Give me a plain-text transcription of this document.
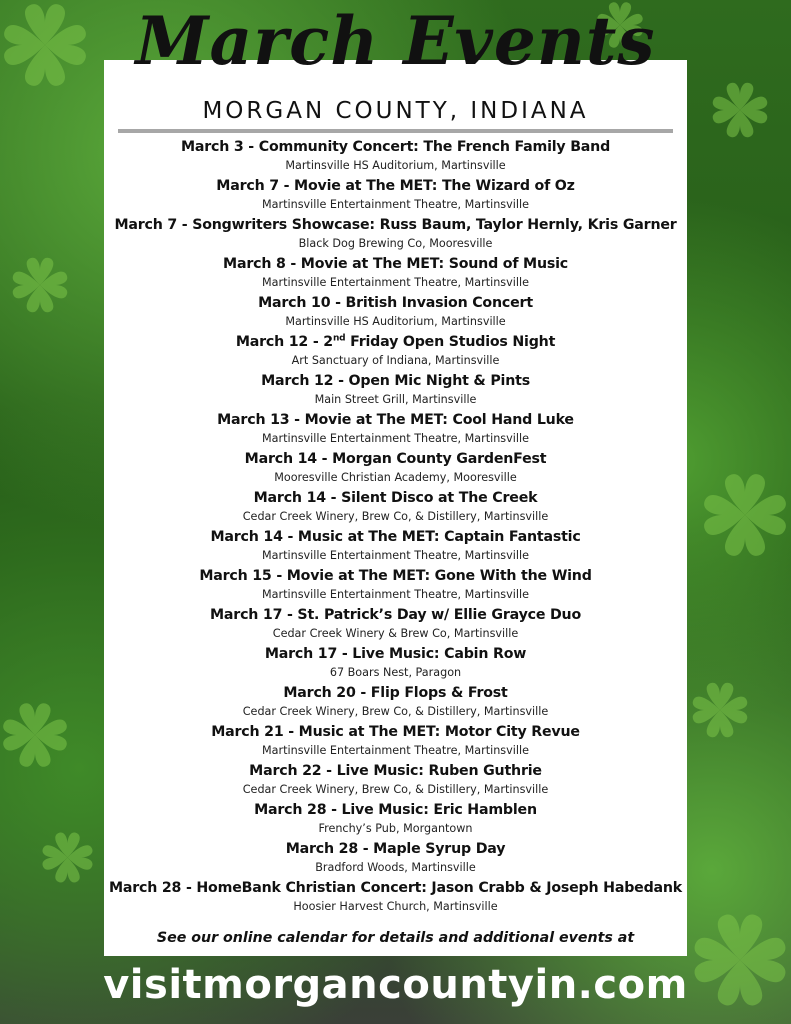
March Events
MORGAN COUNTY, INDIANA
March 3 - Community Concert: The French Family Band
Martinsville HS Auditorium, Martinsville
March 7 - Movie at The MET: The Wizard of Oz
Martinsville Entertainment Theatre, Martinsville
March 7 - Songwriters Showcase: Russ Baum, Taylor Hernly, Kris Garner
Black Dog Brewing Co, Mooresville
March 8 - Movie at The MET: Sound of Music
Martinsville Entertainment Theatre, Martinsville
March 10 - British Invasion Concert
Martinsville HS Auditorium, Martinsville
March 12 - 2nd Friday Open Studios Night
Art Sanctuary of Indiana, Martinsville
March 12 - Open Mic Night & Pints
Main Street Grill, Martinsville
March 13 - Movie at The MET: Cool Hand Luke
Martinsville Entertainment Theatre, Martinsville
March 14 - Morgan County GardenFest
Mooresville Christian Academy, Mooresville
March 14 - Silent Disco at The Creek
Cedar Creek Winery, Brew Co, & Distillery, Martinsville
March 14 - Music at The MET: Captain Fantastic
Martinsville Entertainment Theatre, Martinsville
March 15 - Movie at The MET: Gone With the Wind
Martinsville Entertainment Theatre, Martinsville
March 17 - St. Patrick’s Day w/ Ellie Grayce Duo
Cedar Creek Winery & Brew Co, Martinsville
March 17 - Live Music: Cabin Row
67 Boars Nest, Paragon
March 20 - Flip Flops & Frost
Cedar Creek Winery, Brew Co, & Distillery, Martinsville
March 21 - Music at The MET: Motor City Revue
Martinsville Entertainment Theatre, Martinsville
March 22 - Live Music: Ruben Guthrie
Cedar Creek Winery, Brew Co, & Distillery, Martinsville
March 28 - Live Music: Eric Hamblen
Frenchy’s Pub, Morgantown
March 28 - Maple Syrup Day
Bradford Woods, Martinsville
March 28 - HomeBank Christian Concert: Jason Crabb & Joseph Habedank
Hoosier Harvest Church, Martinsville
See our online calendar for details and additional events at
visitmorgancountyin.com
